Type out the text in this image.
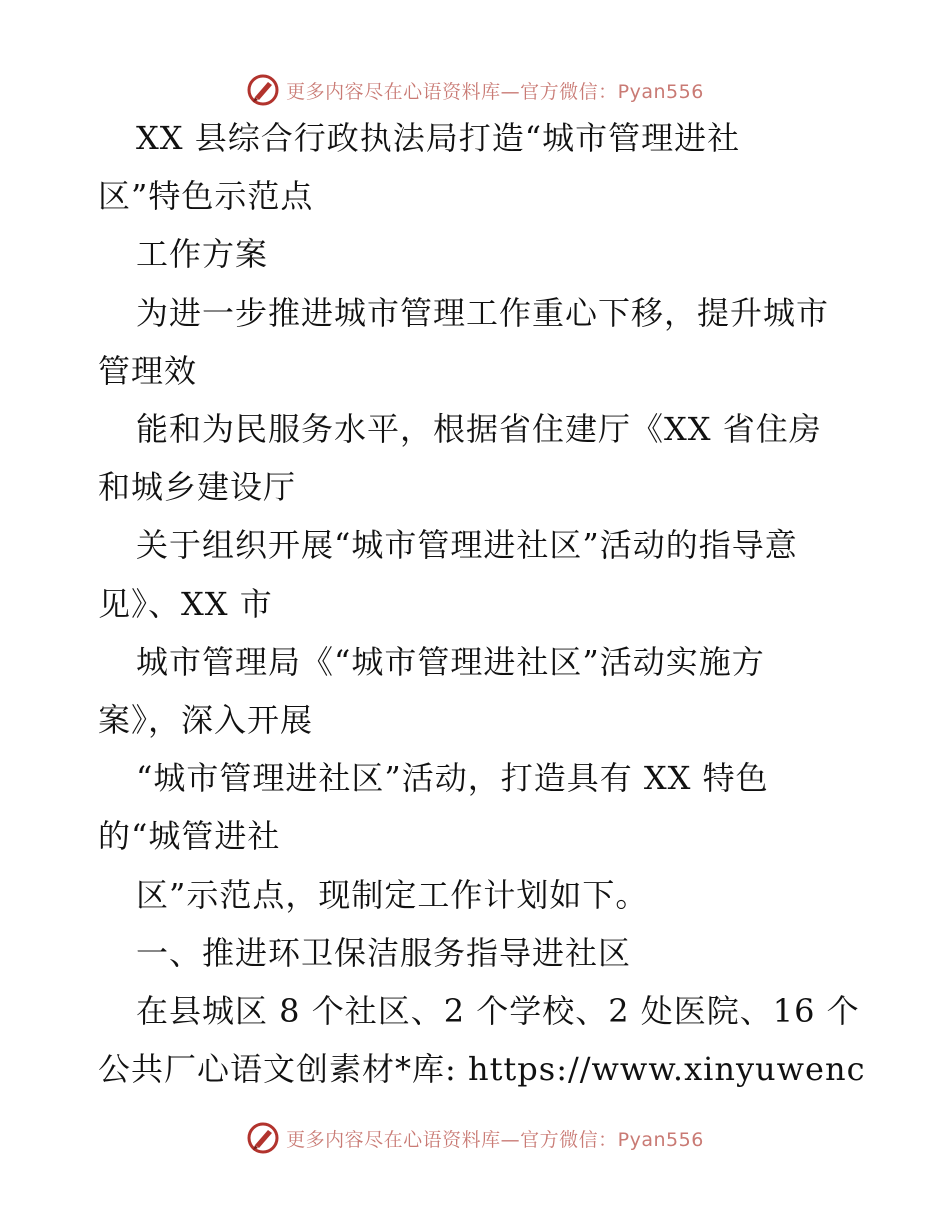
更多内容尽在心语资料库—官方微信：Pyan556
XX 县综合行政执法局打造“城市管理进社
区”特色示范点
工作方案
为进一步推进城市管理工作重心下移，提升城市
管理效
能和为民服务水平，根据省住建厅《XX 省住房
和城乡建设厅
关于组织开展“城市管理进社区”活动的指导意
见》、XX 市
城市管理局《“城市管理进社区”活动实施方
案》，深入开展
“城市管理进社区”活动，打造具有 XX 特色
的“城管进社
区”示范点，现制定工作计划如下。
一、推进环卫保洁服务指导进社区
在县城区 8 个社区、2 个学校、2 处医院、16 个
公共厂心语文创素材*库: https://www.xinyuwenc
更多内容尽在心语资料库—官方微信：Pyan556
